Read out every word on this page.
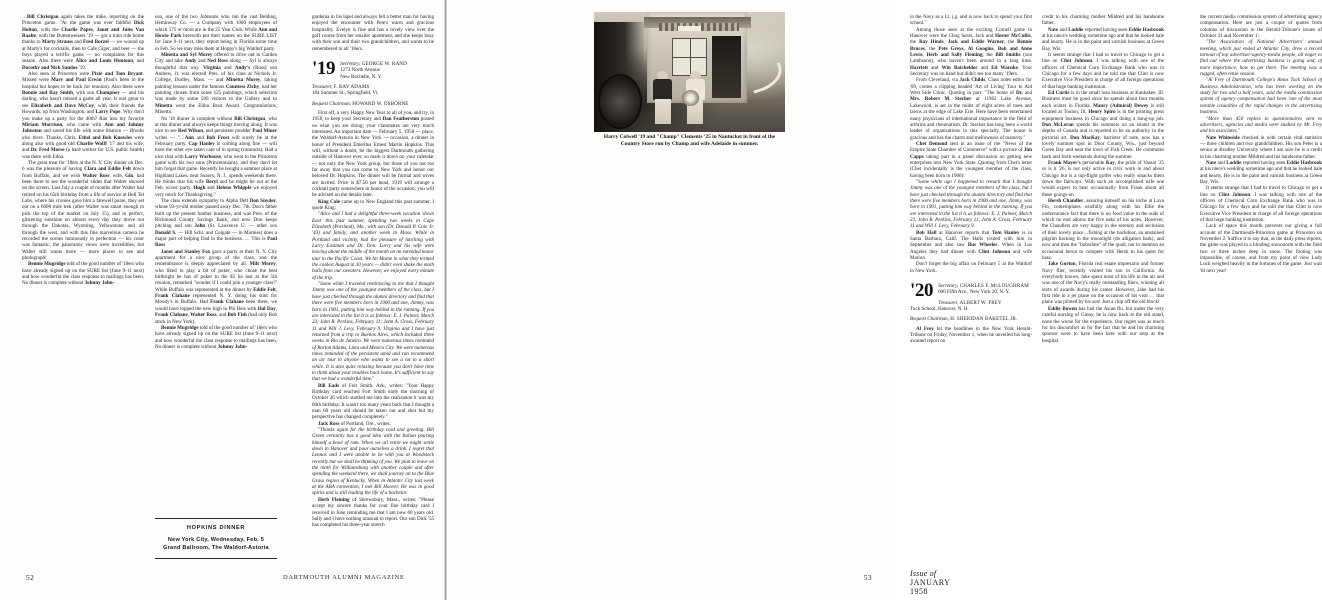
…Bill Christgau again takes the mike, reporting on the Princeton game. "At the game was ever faithful Dick Holton, with the Charlie Popes, Janet and Jules Van Raalte, with the Buttenweisers '19 — got a train ride home thanks to Marty Strauss and Fred Borzel — we wound up at Marty's for cocktails, then to Cafe Giger, and beer — the boys played a terrific game — no complaints for this season. Also there were Alice and Louis Huntoon, and Dorothy and Nick Sandoe '19.

Also seen at Princeton were Pixie and Tom Bryant. Missed were Mary and Paul Erwin (Paul's been in the hospital but hopes to be back for reunion). Also there were Bonnie and Ray Smith, with son Champney — and his darling, who hasn't missed a game all year. It was great to see Elizabeth and Dave McCoy, with their friends the Howards, up from Washington, and Larry Pope. Why don't you make up a party for the 40th? Ran into my favorite Miriam Morrison, who came with Ann and Johnny Johnston and saved his life with some libation — Brooks also there. Thanks, Chris. Ethel and Bob Knowles were along also with good old Charlie Wolff '17 and his wife, and Dr. Fred Morse (a hard worker for U.S. public health) was there with Edna.

The great treat for '18ers at the N. Y. City dinner on Dec. 6 was the pleasure of having Clara and Eddie Felt down from Buffalo, and we wish Walter Ross' wife, Gin, had been there to see the wonderful slides that Walter showed on the screen. Last July a couple of months after Walter had retired on his 65th birthday from a life of service at Bell Tel Labs, where his cronies gave him a farewell purse, they set out on a 6000 mile trek (after Walter was smart enough to pick the top of the market on July 15), and in perfect, glistening sunshine on almost every day they drove out through the Dakotas, Wyoming, Yellowstone and all through the west, and with this fine marvelous camera he recorded the scenes luminously to perfection — his color was fantastic, the panoramic views were incredibles, but Walter still wants more — more places to see and photograph!

Bennie Mugridge told of the good number of '18ers who have already signed up on the SURE list (June 9-11 next) and how wonderful the class response to mailings has been. No dinner is complete without Johnny John-

son, one of the two Johnsons who run the vast Belding, Heminway Co. — a Company with 1000 employees of which 175 or more are in the 25 Year Club. While Ann and Howie Park herewith put their names on the SURE LIST for June 9-11 next, they report being in Florida some time in Feb. So we may miss them at Hoppy's big Waldorf party.

Minetta and Syl Morey offered to drive out to Garden City and take Andy and Ned Ross along — Syl is always thoughtful that way. Virginia and Andy's (Ross) son Andrew, Jr. was elected Pres. of his class at Nichols Jr. College, Dudley, Mass. — and Minetta Morey, taking painting lessons under the famous Countess Zichy, had her painting chosen from some 125 paintings, which selection was made by some 500 visitors to the Gallery and to Minetta went the Elihu Root Award. Congratulations, Minetta.

No '18 dinner is complete without Bill Christgau, who at this dinner and always keeps things moving along. It was nice to see Red Wilson, and persistent prodder Paul Miner writes — "…Ann and Bob Frost will surely be at the February party. Cap Hanley is coming along fine — will have the other eye taken care of in spring (cataracts). Had a nice chat with Larry Warhouse, who went to the Princeton game with his two sons (Princetonians), and they don't let him forget that game. Recently he bought a summer place at Highland Lakes, near Sussex, N. J., spends weekends there. He thinks that his wife Beryl and he might be out at the Feb. wives' party. Hugh and Helene Whipple we enjoyed very much for Thanksgiving."

The class extends sympathy to Alpha Delt Don Snyder, whose 93-yr-old mother passed away Dec. 7th. Don's father built up the present lumber business, and was Pres. of the Richmond County Savings Bank, and now Don keeps pitching and son John (St. Lawrence U. — other son Donald S. — Hill Schl. and Colgate — in Marines) does a major part of helping Dad in the business. … This is Paul Ross

Janet and Stanley Fox gave a party at their N. Y. City apartment for a nice group of the class, and the remembrance is deeply appreciated by all. Milt Morey, who liked to play a bit of poker, who chose the best birthright he has of poker to the $5 he lost at the 5th reunion, remarked "wonder if I could join a younger class!" While Buffalo was represented at the dinner by Eddie Felt, Frank Clahane represented N. Y. doing his stint for Moody's in Buffalo. Had Frank Clahane been there, we would have topped the new high in Phi Beis with Hal Day, Frank Clahane, Walter Ross, and Bob Fish (had only Bob stock in New York).

Bennie Mugridge told of the good number of '18ers who have already signed up on the SURE list (June 9-11 next) and how wonderful the class response to mailings has been. No dinner is complete without Johnny John-

gardenia in his lapel and always felt a better man for having enjoyed the encounter with Pete's warm and gracious hospitality. Evelyn is fine and has a lovely view over the golf course from her smaller apartment, and she keeps busy with their son and their two grandchildren, and wants to be remembered to all '18ers.

'19 Secretary, GEORGE W. RAND
1273 North Avenue
New Rochelle, N. Y.
Treasurer, F. RAY ADAMS
184 Summer St., Springfield, Vt.
Bequest Chairman, HOWARD W. OSBORNE

First off, a very Happy New Year to all of you, and try, in 1958, to keep your Secretary and Dan Featherston posted on what you are doing; your classmates are very much interested. An important date — February 5, 1958 — place, the Waldorf-Astoria in New York — occasion, a dinner in honor of President Emeritus Ernest Martin Hopkins. This will, without a doubt, be the biggest Dartmouth gathering outside of Hanover ever, so mark it down on your calendar — not only the New York group, but those of you not too far away that you can come to New York and honor our beloved Dr. Hopkins. The dinner will be formal and wives are invited. Price is $7.50 per head, 1919 will arrange a cocktail party somewhere in honor of the occasion; you will be advised on the details later.

King Cole came up to New England this past summer. I quote King:

"Alice and I had a delightful three-week vacation 'down East' this past summer, spending two weeks in Cape Elizabeth (Portland), Me., with son (Dr. Donald P. Cole Jr. '43) and family, and another week in Mass. While in Portland and vicinity, had the pleasure of lunching with Larry Eastman and Dr. Don. Larry and his wife were leaving about the middle of the month on an extended motor tour to the Pacific Coast. We hit Maine in what they termed the coldest August in 30 years — didn't even shake the moth balls from our sweaters. However, we enjoyed every minute of the trip.

"Some while I traveled reminiscing to me that I thought Jimmy was one of the youngest members of the class, but I have just checked through the alumni directory and find that there were five members born in 1900 and one, Jimmy, was born in 1901, putting him way behind in the running. If you are interested in the list it is as follows: E. J. Palmer, March 23; John R. Perkins, February 11; John A. Gross, February 11 and Will J. Levy, February 9. Virginia and I have just returned from a trip to Buenos Aires, which included three weeks in Rio de Janeiro. We were numerous times reminded of Burton Adams, Lima and Mexico City. We were numerous times reminded of the persistent amid and ran recommend an air tour to anyone who wants to see a lot in a short while. It is also quite relaxing because you don't have time to think about your troubles back home. It's sufficient to say that we had a wonderful time."

Bill Eads of Fort Smith, Ark., writes: "Your Happy Birthday card reached Fort Smith early the morning of October 26 which startled me into the realization it was my 60th birthday. It wasn't too many years back that I thought a man 60 years old should be taken out and shot but my perspective has changed completely."

Jack Ross of Portland, Ore., writes:

"Thanks again for the birthday card and greeting. Bill Green certainly has a good idea with the Italian pouring himself a bowl of rum. When we all retire we might settle down in Hanover and pour ourselves a drink. I regret that Lennox and I were unable to be with you at Woodstock recently but we shall be thinking of you. We plan to leave on the ninth for Williamsburg with another couple and after spending the weekend there, we shall journey on to the Blue Grass region of Kentucky. When in Atlantic City last week at the ABA convention, I met Bill Hoover. He was in good spirits and is still leading the life of a bachelor.

Herb Fleming of Shrewsbury, Mass., writes: "Please accept my sincere thanks for your fine birthday card I received in June reminding me that I am now 60 years old. Sally and I have nothing unusual to report. Our son Dick '55 has completed his three-year stretch

HOPKINS DINNER
New York City, Wednesday, Feb. 5
Grand Ballroom, The Waldorf-Astoria
52	DARTMOUTH ALUMNI MAGAZINE

in the Navy as a Lt. j.g. and is now back to spend your first school."

Among those seen at the exciting Cornell game in Hanover were the Chug Sears, Jack and Hester McCullis, the Ray Hinds, Jack and Eddie Warner, the Bennie Bruces, the Pete Greys, Al Googins, Bob and Anne Lewis, Herb and Sally Fleming, the Bill Smiths (son Lambsonn), who haven't been around in a long time. Harriett and Win Batchelder and Ed Warnke. Your Secretary was on hand but didn't see too many '19ers.

From Cleveland, via Jack Childs, Class notes editor for '09, comes a clipping headed 'Art of Living' Tour to Aid West Side Clinic. Quoting in part: "The home of Dr. and Mrs. Robert M. Stecher at 11962 Lake Avenue, Lakewood, is set in the midst of eight acres of trees and lawns at the edge of Lake Erie. Here have been entertained many physicians of international importance in the field of arthritis and rheumatism. Dr. Stecher has long been a world leader of organizations in this specialty. The house is gracious and has the charm and mellowness of maturity."

Chet Demond sent in an issue of the "News of the Empire State Chamber of Commerce" with a picture of Jim Capps taking part in a panel discussion on getting new enterprises into New York State. Quoting from Chet's letter (Chet incidentally is the youngest member of the class, having been born in 1900):

"Some while ago I happened to remark that I thought Jimmy was one of the youngest members of the class, but I have just checked through the alumni directory and find that there were five members born in 1900 and one, Jimmy, was born in 1901, putting him way behind in the running. If you are interested in the list it is as follows: E. J. Palmer, March 23; John R. Perkins, February 11; John A. Gross, February 11 and Will J. Levy, February 9.

Bob Hall at Hanover reports that Tom Hanley is in Santa Barbara, Calif. The Halls visited with him in September and also saw Bus Wheeler. When in Los Angeles they had dinner with Clint Johnson and wife Marion.

Don't forget the big affair on February 5 at the Waldorf in New York.

'20 Secretary, CHARLES F. McLOUGHRAM
600 Fifth Ave., New York 20, N. Y.
Treasurer, ALBERT W. FREY
Tuck School, Hanover, N. H.
Bequest Chairman, H. SHERIDAN BAKETEL JR.

Al Frey hit the headlines in the New York Herald-Tribune on Friday, November 1, when he unveiled his long-awaited report on

credit to his charming mother Mildred and his handsome father.

Nate and Laddie reported having seen Eddie Hasbrook at his niece's wedding sometime ago and that he looked hale and hearty. He is in the paint and varnish business at Green Bay, Wis.

It seems strange that I had to travel to Chicago to get a line on Clint Johnson. I was talking with one of the officers of Chemical Corn Exchange Bank who was in Chicago for a few days and he told me that Clint is now Executive Vice President in charge of all foreign operations of that huge banking institution.

Ed Curtis is in the small loan business at Kankakee, Ill. Business must be good since he spends about four months each winter in Florida. Maury (Admiral) Dewey is still located at Toulon, Ill. Henry Spiro is in the printing press equipment business in Chicago and doing a bang-up job. Don McLeran spends his summers on an island in the depths of Canada and is reported to be an authority in the pictorial art. Don MacKay, barrister of note, now has a lovely summer spot in Door County, Wis., just beyond Green Bay and near the town of Fish Creek. He commutes back and forth weekends during the summer.

Frank Mayer's personable Kay, the pride of Vassar '25 or is it '26, is not only active in civic work in and about Chicago but is a top-flight golfer who really smacks them down the fairways. With such an accomplished wife one would expect to hear occasionally from Frank about all these goings-on.

Hersh Chandler, assuring himself on his niche at Lava Flo, contemplates wistfully along with his Ellie the undersurance fact that there is no food value in the suds of which no end adorns the five oaks of his acres. However, the Chandlers are very happy in the serenity and seclusion of their lovely place…fishing at the backdoor, an unstained pilgrim backing in the moonlight (do alligators bark), and now and then the "bobwhite" of the quail, not to mention an occasional heron to compete with Hersh in his quest for bass.

Jake Gorton, Florida real estate impresario and former Navy flier, recently visited his son in California. As everybody knows, Jake spent most of his life in the air and was one of the Navy's really outstanding fliers, winning all sorts of awards during his career. However, Jake had his first ride in a jet plane on the occasion of his visit … that plane was piloted by his son! Just a chip off the old block!

Eddie Bowen has had the Asian flu, but under the very careful nursing of Ginny, he is now back at the old stand, none the worse for the experience. Our regret was as much for his discomfort as for the fact that he and his charming sponsor were to have been here with our stop at the hospital.

the current media commission system of advertising agency compensation. Here are just a couple of quotes from columns of discussion in the Herald-Tribune's issues of October 31 and November 1:

"The Association of National Advertisers' annual meeting, which just ended at Atlantic City, drew a record turnout of top advertiser-agency-media people, all eager to find out where the advertising business is going and, of more importance, how to get there. The meeting was a rugged, often tense session.

"Al Frey of Dartmouth College's Amos Tuck School of Business Administration, who has been working on the study for two and a half years, said the media commission system of agency compensation had been 'one of the most notable casualties of the rapid changes in the advertising business.'

"More than 450 replies to questionnaires sent to advertisers, agencies and media were studied by Mr. Frey and his associates."

Nate Whiteside checked in with certain vital statistics — three children and two grandchildren. His son Peter is a senior at Bradley University where I am sure he is a credit to his charming mother Mildred and his handsome father.

Nate and Laddie reported having seen Eddie Hasbrook at his niece's wedding sometime ago and that he looked hale and hearty. He is in the paint and varnish business at Green Bay, Wis.

It seems strange that I had to travel to Chicago to get a line on Clint Johnson. I was talking with one of the officers of Chemical Corn Exchange Bank who was in Chicago for a few days and he told me that Clint is now Executive Vice President in charge of all foreign operations of that huge banking institution.

Lack of space this month prevents our giving a full account of the Dartmouth-Princeton game at Princeton on November 2. Suffice it to say that, as the daily press reports, the game was played in a blinding snowstorm with the field two or three inches deep in snow. The footing was impossible, of course, and from my point of view Lady Luck weighed heavily in the fortunes of the game. Just wait 'til next year!

53	Issue of JANUARY 1958
Harry Colwell '19 and "Champ" Clements '25 in Nantucket in front of the Country Store run by Champ and wife Adelaide in summer.
